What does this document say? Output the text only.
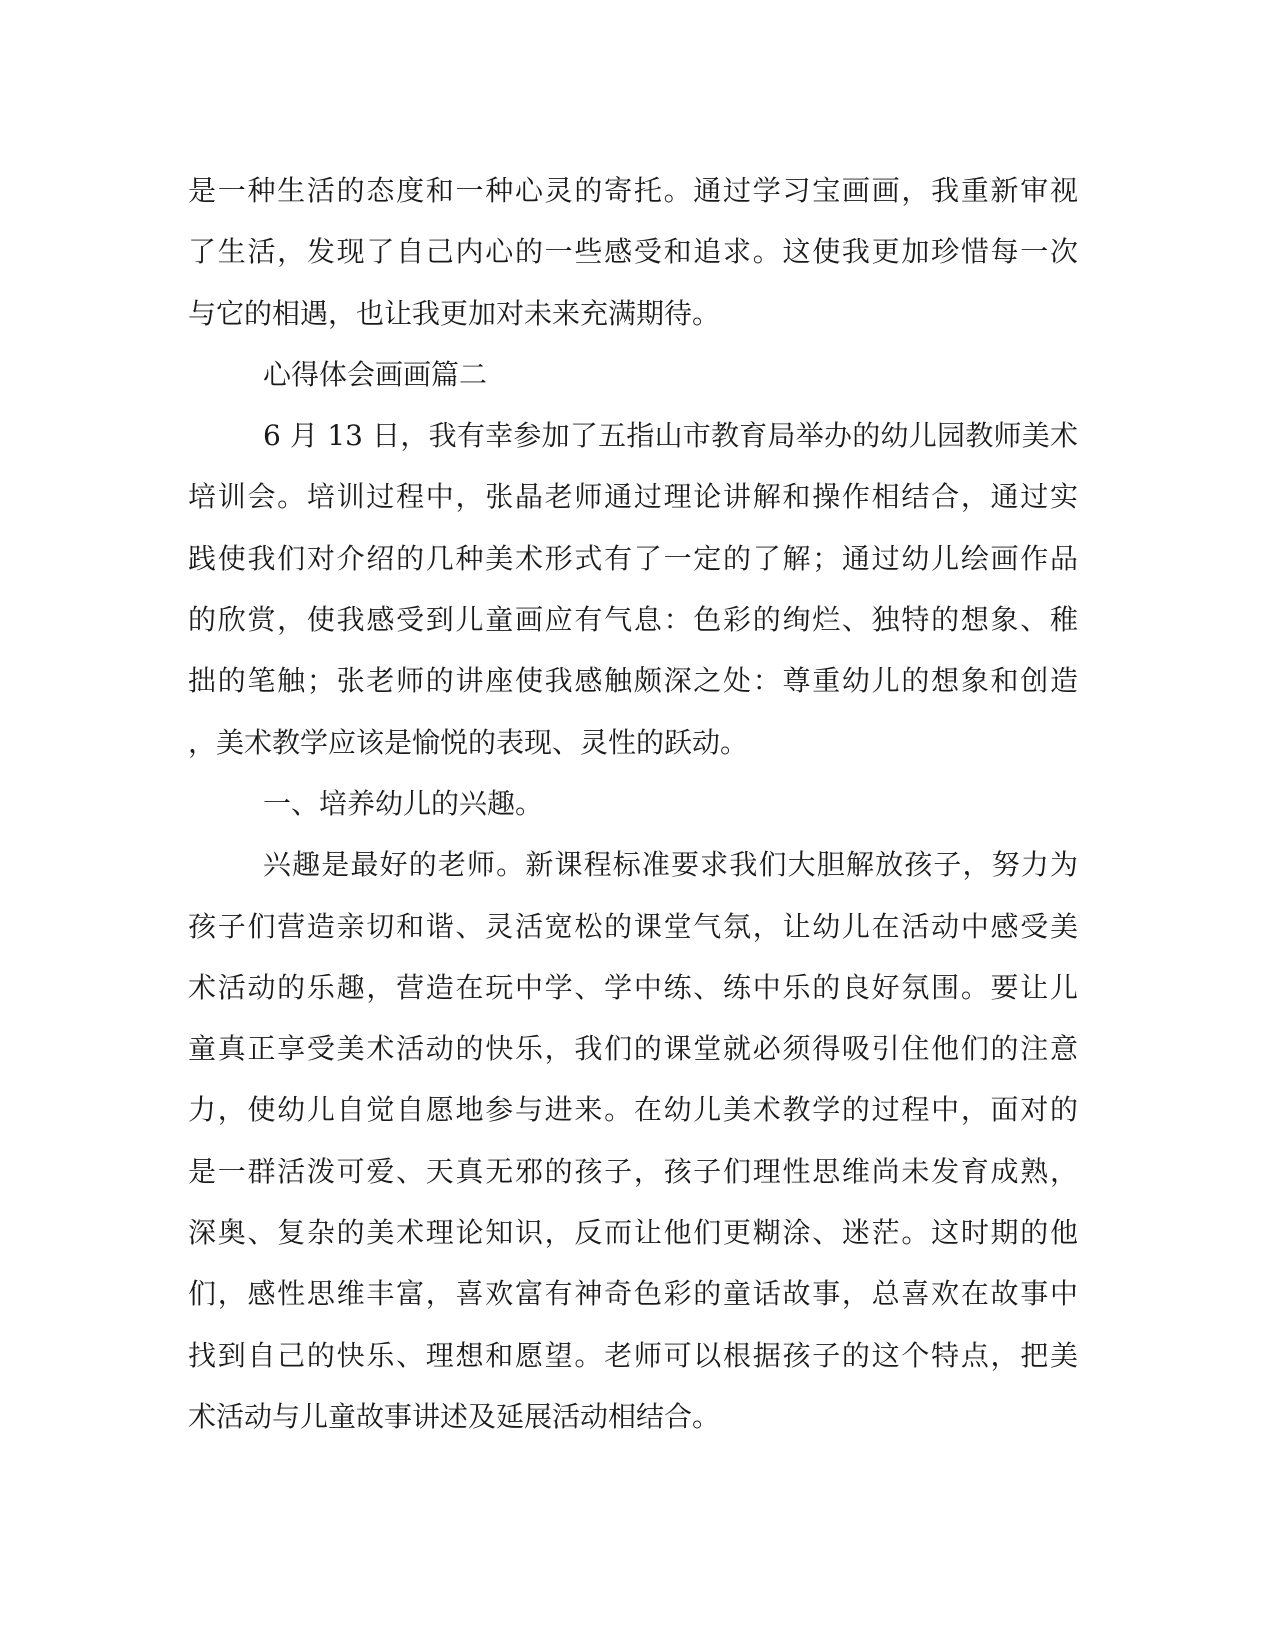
是一种生活的态度和一种心灵的寄托。通过学习宝画画，我重新审视
了生活，发现了自己内心的一些感受和追求。这使我更加珍惜每一次
与它的相遇，也让我更加对未来充满期待。
心得体会画画篇二
6 月 13 日，我有幸参加了五指山市教育局举办的幼儿园教师美术
培训会。培训过程中，张晶老师通过理论讲解和操作相结合，通过实
践使我们对介绍的几种美术形式有了一定的了解；通过幼儿绘画作品
的欣赏，使我感受到儿童画应有气息：色彩的绚烂、独特的想象、稚
拙的笔触；张老师的讲座使我感触颇深之处：尊重幼儿的想象和创造
，美术教学应该是愉悦的表现、灵性的跃动。
一、培养幼儿的兴趣。
兴趣是最好的老师。新课程标准要求我们大胆解放孩子，努力为
孩子们营造亲切和谐、灵活宽松的课堂气氛，让幼儿在活动中感受美
术活动的乐趣，营造在玩中学、学中练、练中乐的良好氛围。要让儿
童真正享受美术活动的快乐，我们的课堂就必须得吸引住他们的注意
力，使幼儿自觉自愿地参与进来。在幼儿美术教学的过程中，面对的
是一群活泼可爱、天真无邪的孩子，孩子们理性思维尚未发育成熟，
深奥、复杂的美术理论知识，反而让他们更糊涂、迷茫。这时期的他
们，感性思维丰富，喜欢富有神奇色彩的童话故事，总喜欢在故事中
找到自己的快乐、理想和愿望。老师可以根据孩子的这个特点，把美
术活动与儿童故事讲述及延展活动相结合。
